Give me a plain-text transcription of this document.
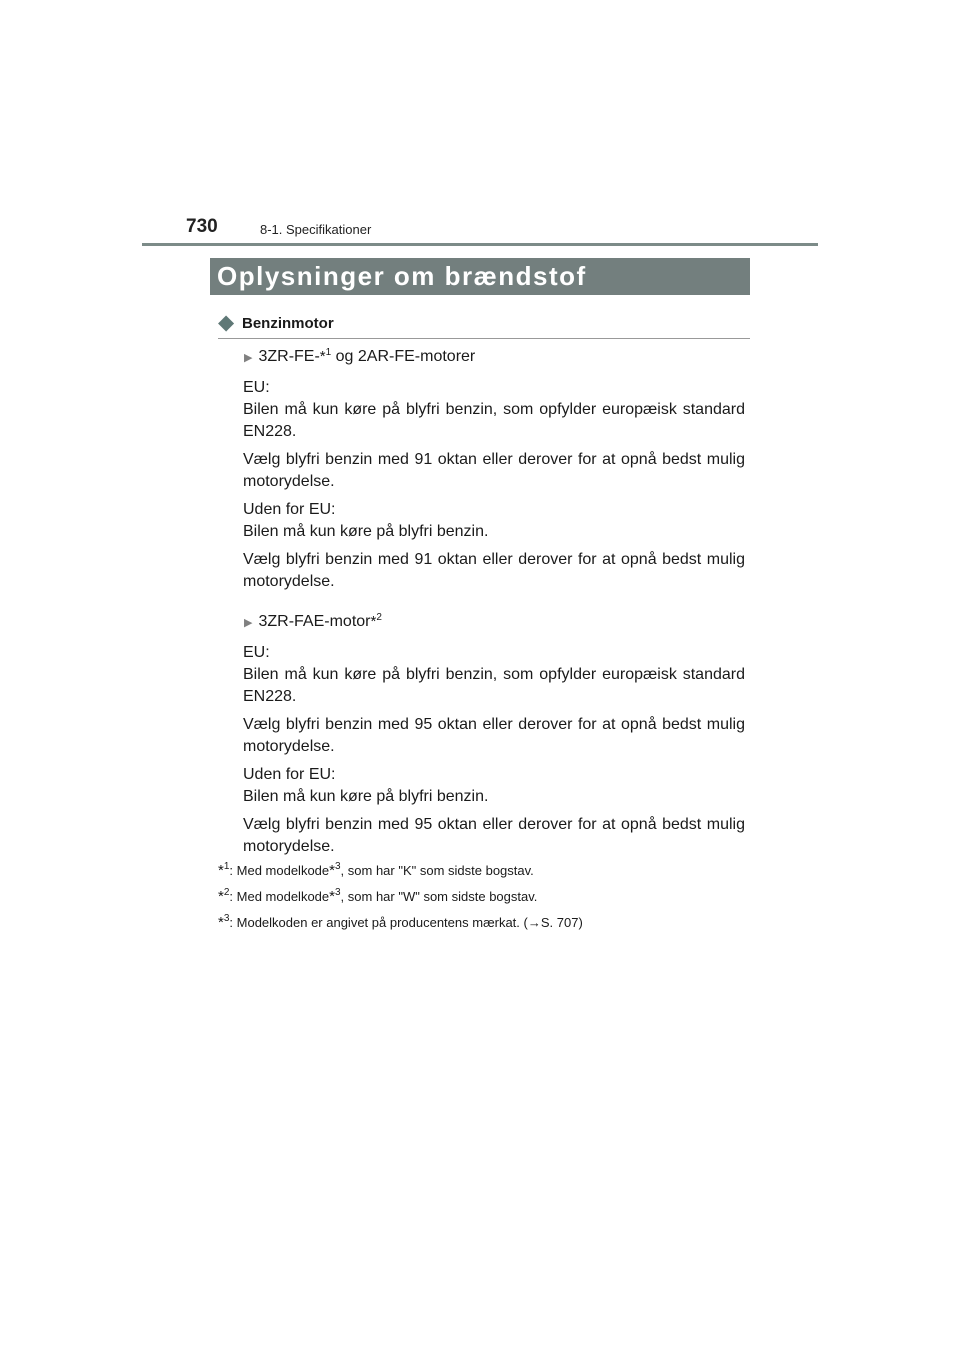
730	8-1. Specifikationer
Oplysninger om brændstof
◆ Benzinmotor
▶ 3ZR-FE-*$^1$ og 2AR-FE-motorer

EU:
Bilen må kun køre på blyfri benzin, som opfylder europæisk standard EN228.

Vælg blyfri benzin med 91 oktan eller derover for at opnå bedst mulig motorydelse.

Uden for EU:
Bilen må kun køre på blyfri benzin.

Vælg blyfri benzin med 91 oktan eller derover for at opnå bedst mulig motorydelse.

▶ 3ZR-FAE-motor*$^2$

EU:
Bilen må kun køre på blyfri benzin, som opfylder europæisk standard EN228.

Vælg blyfri benzin med 95 oktan eller derover for at opnå bedst mulig motorydelse.

Uden for EU:
Bilen må kun køre på blyfri benzin.

Vælg blyfri benzin med 95 oktan eller derover for at opnå bedst mulig motorydelse.

*$^1$: Med modelkode*$^3$, som har "K" som sidste bogstav.
*$^2$: Med modelkode*$^3$, som har "W" som sidste bogstav.
*$^3$: Modelkoden er angivet på producentens mærkat. (→S. 707)
